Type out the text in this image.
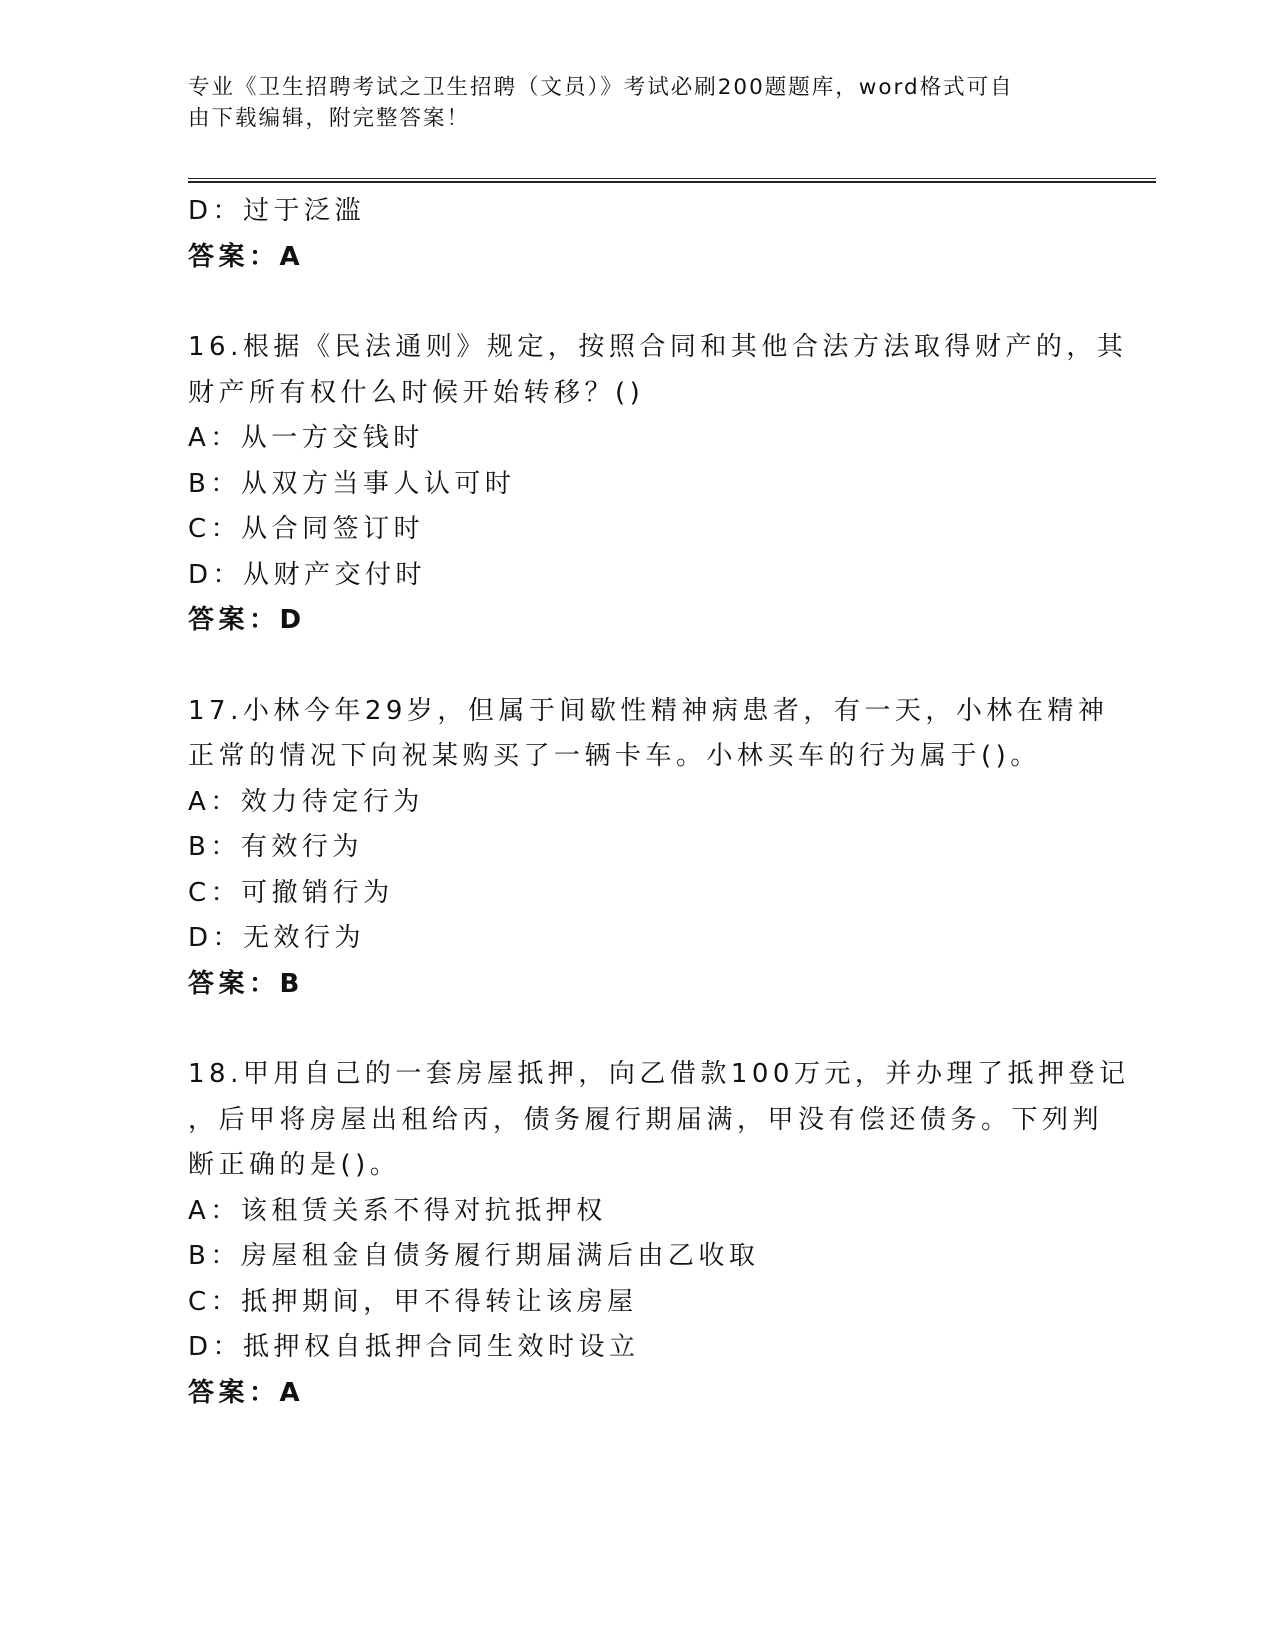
专业《卫生招聘考试之卫生招聘（文员）》考试必刷200题题库，word格式可自
由下载编辑，附完整答案！
D：过于泛滥
答案：A
16.根据《民法通则》规定，按照合同和其他合法方法取得财产的，其
财产所有权什么时候开始转移？()
A：从一方交钱时
B：从双方当事人认可时
C：从合同签订时
D：从财产交付时
答案：D
17.小林今年29岁，但属于间歇性精神病患者，有一天，小林在精神
正常的情况下向祝某购买了一辆卡车。小林买车的行为属于()。
A：效力待定行为
B：有效行为
C：可撤销行为
D：无效行为
答案：B
18.甲用自己的一套房屋抵押，向乙借款100万元，并办理了抵押登记
，后甲将房屋出租给丙，债务履行期届满，甲没有偿还债务。下列判
断正确的是()。
A：该租赁关系不得对抗抵押权
B：房屋租金自债务履行期届满后由乙收取
C：抵押期间，甲不得转让该房屋
D：抵押权自抵押合同生效时设立
答案：A
